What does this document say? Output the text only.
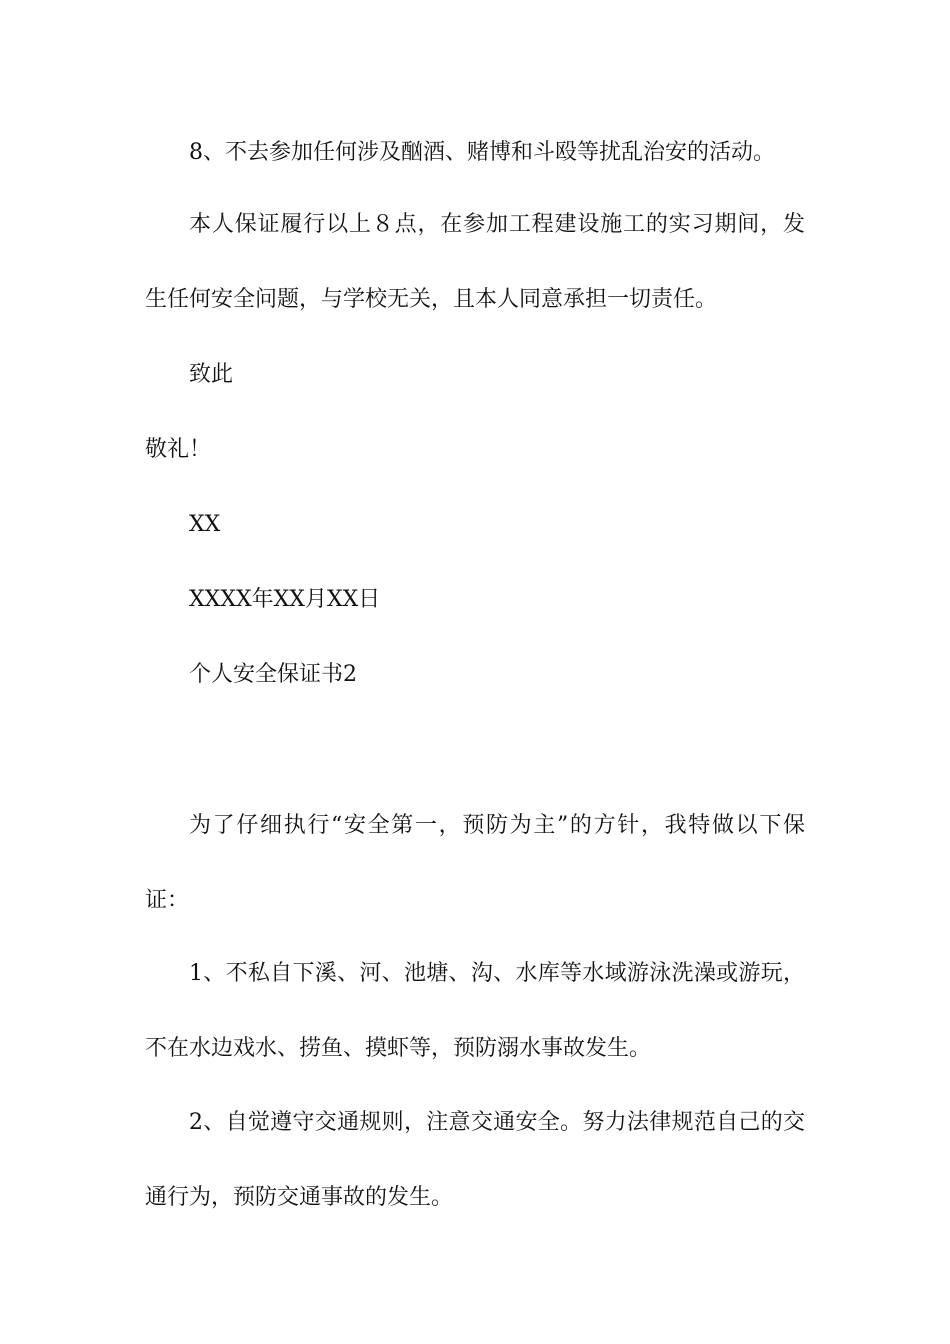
8、不去参加任何涉及酗酒、赌博和斗殴等扰乱治安的活动。
本人保证履行以上８点，在参加工程建设施工的实习期间，发
生任何安全问题，与学校无关，且本人同意承担一切责任。
致此
敬礼！
XX
XXXX年XX月XX日
个人安全保证书2
为了仔细执行“安全第一，预防为主”的方针，我特做以下保
证：
1、不私自下溪、河、池塘、沟、水库等水域游泳洗澡或游玩，
不在水边戏水、捞鱼、摸虾等，预防溺水事故发生。
2、自觉遵守交通规则，注意交通安全。努力法律规范自己的交
通行为，预防交通事故的发生。
